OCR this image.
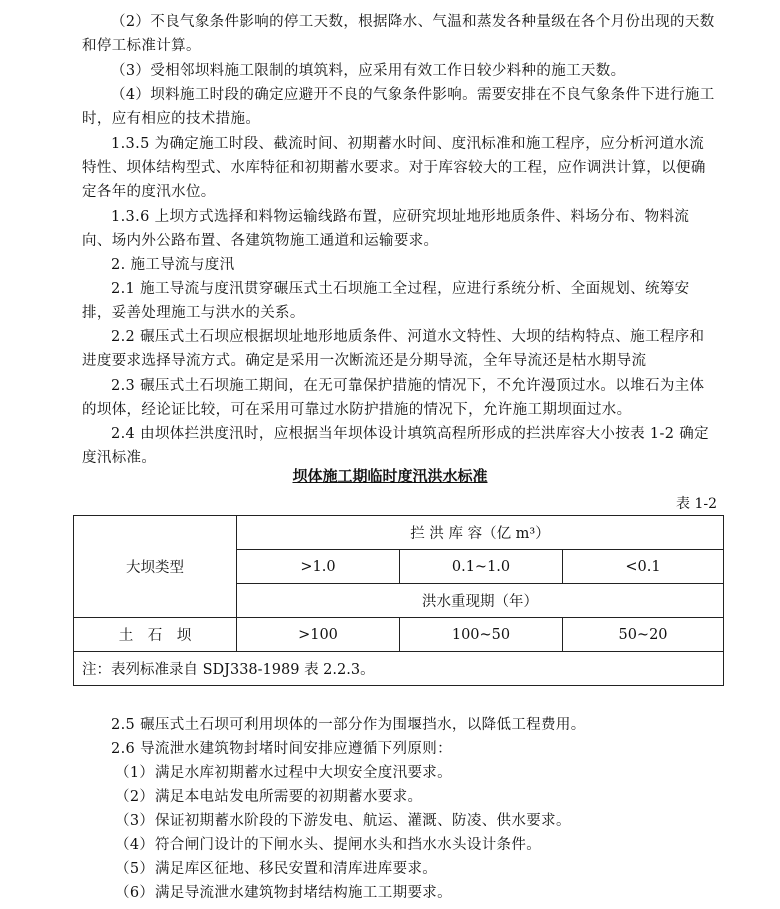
（2）不良气象条件影响的停工天数，根据降水、气温和蒸发各种量级在各个月份出现的天数和停工标准计算。
（3）受相邻坝料施工限制的填筑料，应采用有效工作日较少料种的施工天数。
（4）坝料施工时段的确定应避开不良的气象条件影响。需要安排在不良气象条件下进行施工时，应有相应的技术措施。
1.3.5 为确定施工时段、截流时间、初期蓄水时间、度汛标准和施工程序，应分析河道水流特性、坝体结构型式、水库特征和初期蓄水要求。对于库容较大的工程，应作调洪计算，以便确定各年的度汛水位。
1.3.6 上坝方式选择和料物运输线路布置，应研究坝址地形地质条件、料场分布、物料流向、场内外公路布置、各建筑物施工通道和运输要求。
2. 施工导流与度汛
2.1 施工导流与度汛贯穿碾压式土石坝施工全过程，应进行系统分析、全面规划、统筹安排，妥善处理施工与洪水的关系。
2.2 碾压式土石坝应根据坝址地形地质条件、河道水文特性、大坝的结构特点、施工程序和进度要求选择导流方式。确定是采用一次断流还是分期导流，全年导流还是枯水期导流
2.3 碾压式土石坝施工期间，在无可靠保护措施的情况下，不允许漫顶过水。以堆石为主体的坝体，经论证比较，可在采用可靠过水防护措施的情况下，允许施工期坝面过水。
2.4 由坝体拦洪度汛时，应根据当年坝体设计填筑高程所形成的拦洪库容大小按表 1-2 确定度汛标准。
坝体施工期临时度汛洪水标准
表 1-2
大坝类型	拦 洪 库 容（亿 m³）		
	>1.0	0.1~1.0	<0.1
	洪水重现期（年）		
土　石　坝	>100	100~50	50~20
注：表列标准录自 SDJ338-1989 表 2.2.3。			
2.5 碾压式土石坝可利用坝体的一部分作为围堰挡水，以降低工程费用。
2.6 导流泄水建筑物封堵时间安排应遵循下列原则：
（1）满足水库初期蓄水过程中大坝安全度汛要求。
（2）满足本电站发电所需要的初期蓄水要求。
（3）保证初期蓄水阶段的下游发电、航运、灌溉、防凌、供水要求。
（4）符合闸门设计的下闸水头、提闸水头和挡水水头设计条件。
（5）满足库区征地、移民安置和清库进库要求。
（6）满足导流泄水建筑物封堵结构施工工期要求。
